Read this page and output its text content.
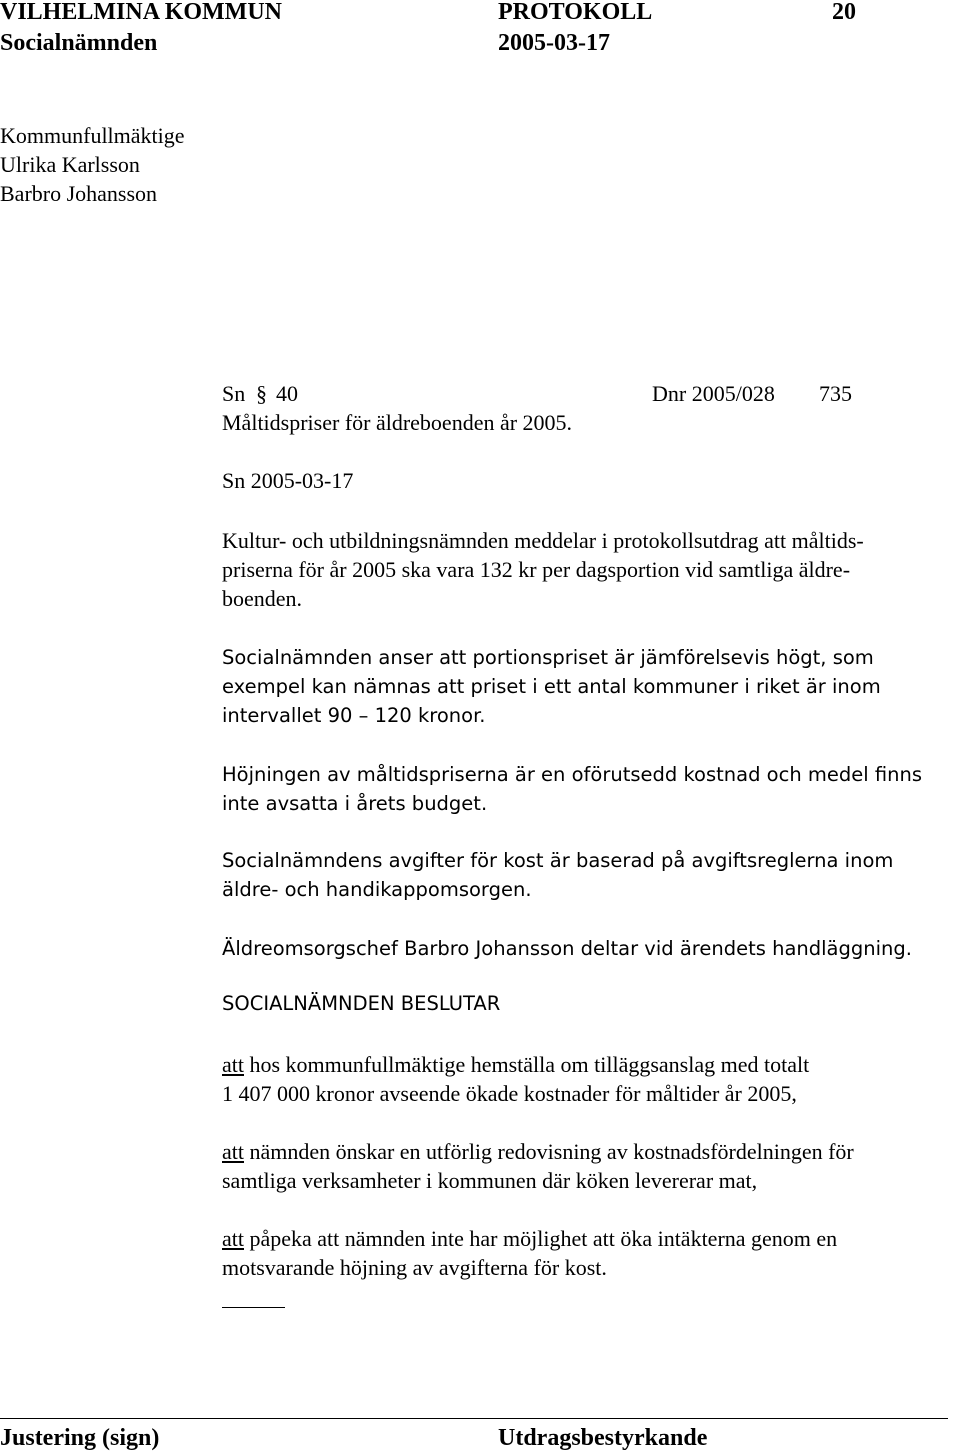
VILHELMINA KOMMUN	PROTOKOLL	20
Socialnämnden	2005-03-17
Kommunfullmäktige
Ulrika Karlsson
Barbro Johansson
Sn § 40	Dnr 2005/028 735
Måltidspriser för äldreboenden år 2005.
Sn 2005-03-17

Kultur- och utbildningsnämnden meddelar i protokollsutdrag att måltids-

priserna för år 2005 ska vara 132 kr per dagsportion vid samtliga äldre-

boenden.

Socialnämnden anser att portionspriset är jämförelsevis högt, som

exempel kan nämnas att priset i ett antal kommuner i riket är inom

intervallet 90 – 120 kronor.

Höjningen av måltidspriserna är en oförutsedd kostnad och medel finns

inte avsatta i årets budget.

Socialnämndens avgifter för kost är baserad på avgiftsreglerna inom

äldre- och handikappomsorgen.

Äldreomsorgschef Barbro Johansson deltar vid ärendets handläggning.

SOCIALNÄMNDEN BESLUTAR

att hos kommunfullmäktige hemställa om tilläggsanslag med totalt

1 407 000 kronor avseende ökade kostnader för måltider år 2005,

att nämnden önskar en utförlig redovisning av kostnadsfördelningen för

samtliga verksamheter i kommunen där köken levererar mat,

att påpeka att nämnden inte har möjlighet att öka intäkterna genom en

motsvarande höjning av avgifterna för kost.

Justering (sign)	Utdragsbestyrkande
